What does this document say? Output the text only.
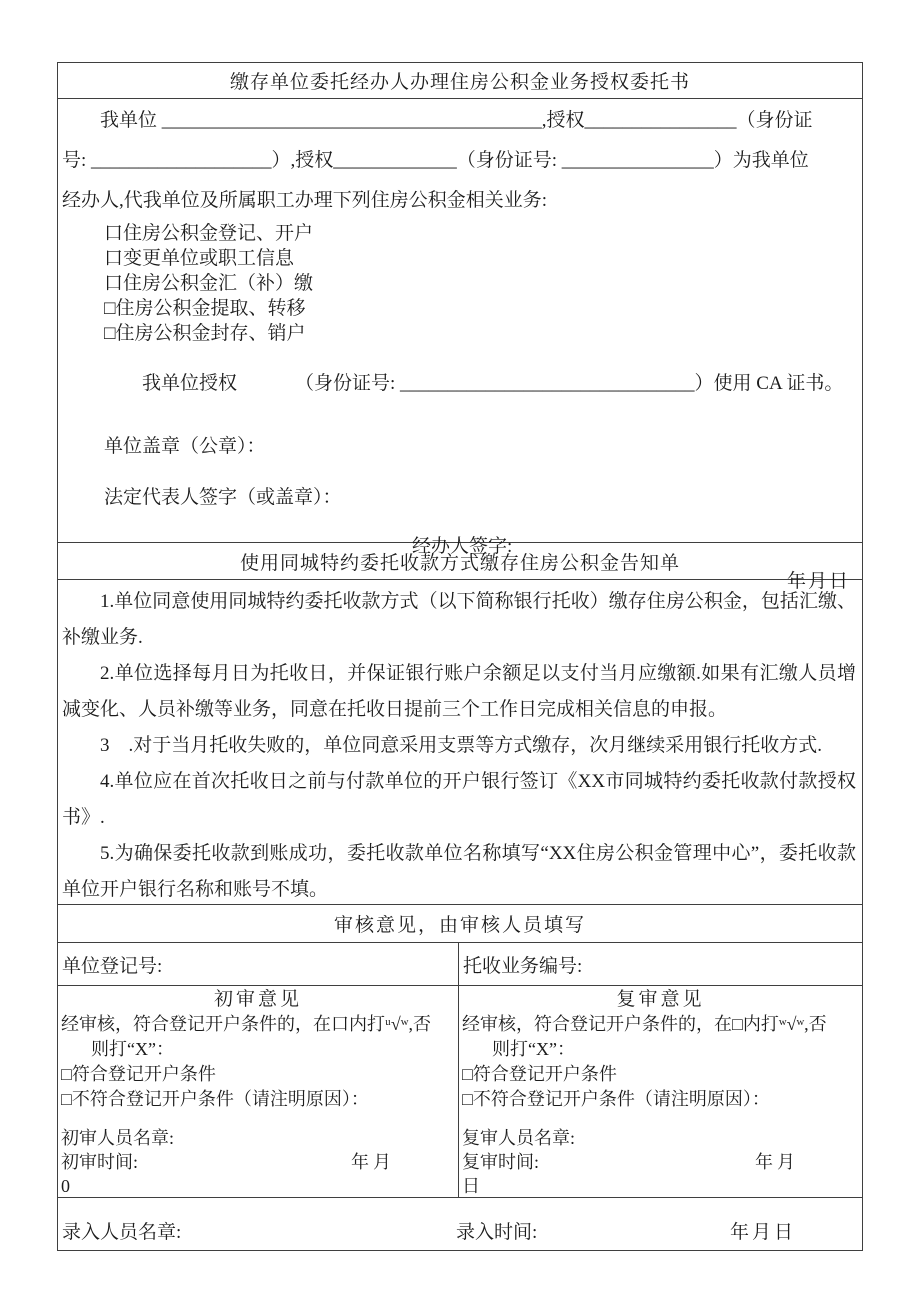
缴存单位委托经办人办理住房公积金业务授权委托书
我单位 ________________________________________,授权________________（身份证
号: ___________________）,授权_____________（身份证号: ________________）为我单位
经办人,代我单位及所属职工办理下列住房公积金相关业务:
口住房公积金登记、开户
口变更单位或职工信息
口住房公积金汇（补）缴
□住房公积金提取、转移
□住房公积金封存、销户

我单位授权	（身份证号: _______________________________）使用 CA 证书。

单位盖章（公章）：
法定代表人签字（或盖章）：
经办人签字:
年月日
使用同城特约委托收款方式缴存住房公积金告知单
1.单位同意使用同城特约委托收款方式（以下简称银行托收）缴存住房公积金，包括汇缴、补缴业务.
2.单位选择每月日为托收日，并保证银行账户余额足以支付当月应缴额.如果有汇缴人员增减变化、人员补缴等业务，同意在托收日提前三个工作日完成相关信息的申报。
3    .对于当月托收失败的，单位同意采用支票等方式缴存，次月继续采用银行托收方式.
4.单位应在首次托收日之前与付款单位的开户银行签订《XX市同城特约委托收款付款授权书》.
5.为确保委托收款到账成功，委托收款单位名称填写“XX住房公积金管理中心”，委托收款单位开户银行名称和账号不填。
审核意见，由审核人员填写
单位登记号:	托收业务编号:
初审意见
经审核，符合登记开户条件的，在口内打ᵘ√ʷ,否
则打“X”：
□符合登记开户条件
□不符合登记开户条件（请注明原因）：
初审人员名章:
初审时间:	年月
0
复审意见
经审核，符合登记开户条件的，在□内打ʷ√ʷ,否
则打“X”：
□符合登记开户条件
□不符合登记开户条件（请注明原因）：
复审人员名章:
复审时间:	年月
日
录入人员名章:	录入时间:	年月日
